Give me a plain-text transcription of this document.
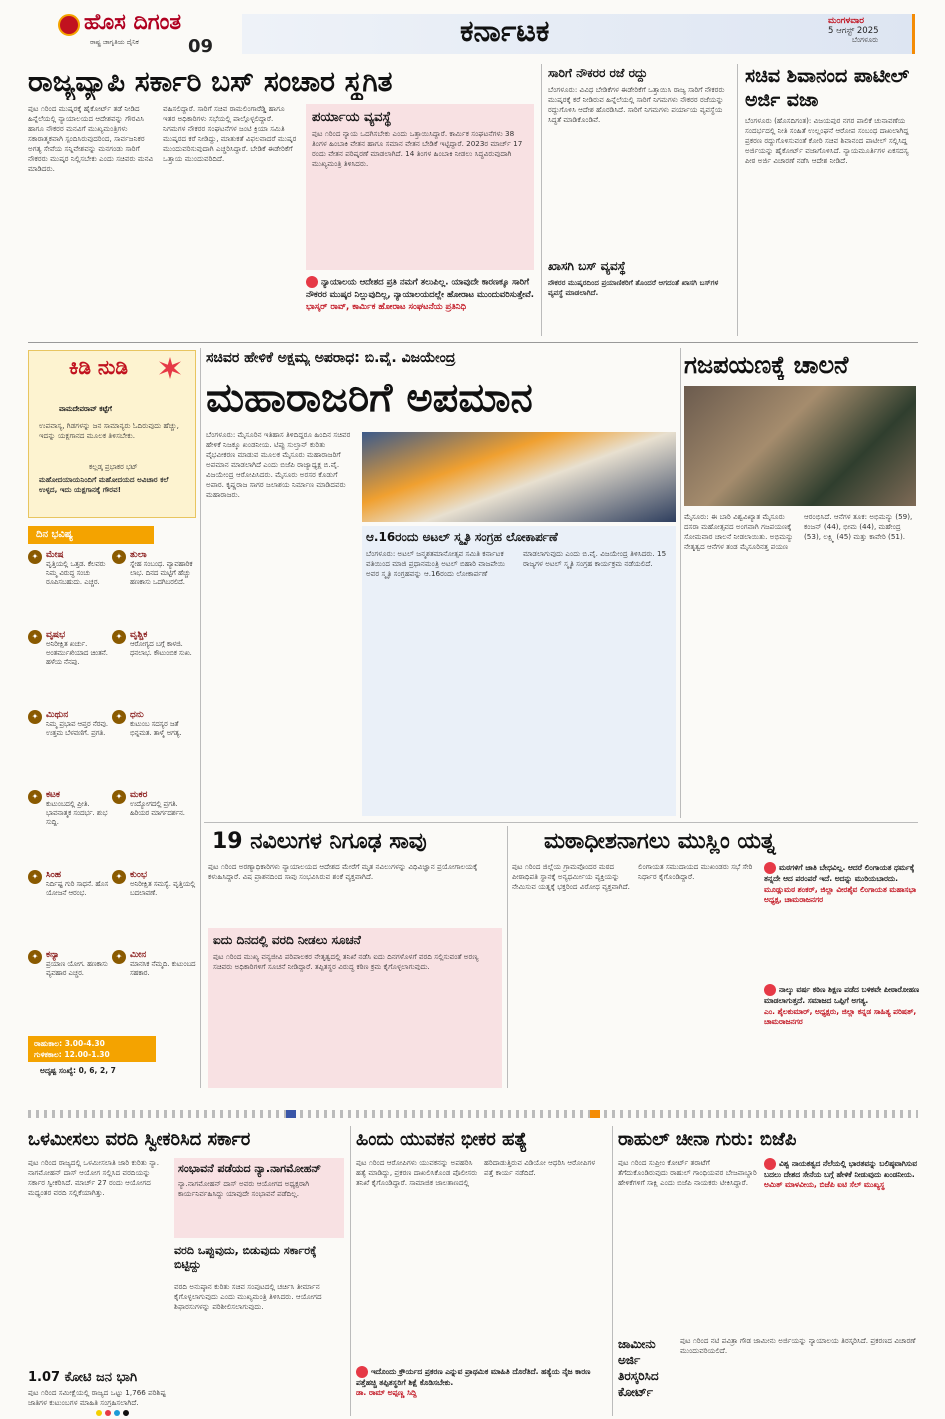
ಹೊಸ ದಿಗಂತ
ರಾಷ್ಟ್ರ ಜಾಗೃತಿಯ ದೈನಿಕ	09	ಕರ್ನಾಟಕ	ಮಂಗಳವಾರ
5 ಆಗಸ್ಟ್ 2025
ಬೆಂಗಳೂರು
ರಾಜ್ಯವ್ಯಾಪಿ ಸರ್ಕಾರಿ ಬಸ್ ಸಂಚಾರ ಸ್ಥಗಿತ
ಪುಟ ೧ರಿಂದ ಮುಷ್ಕರಕ್ಕೆ ಹೈಕೋರ್ಟ್ ತಡೆ ನೀಡಿದ ಹಿನ್ನೆಲೆಯಲ್ಲಿ ನ್ಯಾಯಾಲಯದ ಆದೇಶವನ್ನು ಗೌರವಿಸಿ ಹಾಗೂ ನೌಕರರ ಮನವಿಗೆ ಮುಖ್ಯಮಂತ್ರಿಗಳು ಸಕಾರಾತ್ಮಕವಾಗಿ ಸ್ಪಂದಿಸಿರುವುದರಿಂದ, ಸಾರ್ವಜನಿಕರ ಅಗತ್ಯ ಸೇವೆಯ ಸನ್ನಿವೇಶವನ್ನು ಮನಗಂಡು ಸಾರಿಗೆ ನೌಕರರು ಮುಷ್ಕರ ನಿಲ್ಲಿಸಬೇಕು ಎಂದು ಸಚಿವರು ಮನವಿ ಮಾಡಿದರು.
ವಹಿಸಲಿದ್ದಾರೆ. ಸಾರಿಗೆ ಸಚಿವ ರಾಮಲಿಂಗಾರೆಡ್ಡಿ ಹಾಗೂ ಇತರ ಅಧಿಕಾರಿಗಳು ಸಭೆಯಲ್ಲಿ ಪಾಲ್ಗೊಳ್ಳಲಿದ್ದಾರೆ. ನಿಗಮಗಳ ನೌಕರರ ಸಂಘಟನೆಗಳ ಜಂಟಿ ಕ್ರಿಯಾ ಸಮಿತಿ ಮುಷ್ಕರದ ಕರೆ ನೀಡಿದ್ದು, ಮಾತುಕತೆ ವಿಫಲವಾದರೆ ಮುಷ್ಕರ ಮುಂದುವರಿಸುವುದಾಗಿ ಎಚ್ಚರಿಸಿದ್ದಾರೆ. ಬೇಡಿಕೆ ಈಡೇರಿಕೆಗೆ ಒತ್ತಾಯ ಮುಂದುವರಿದಿದೆ.
ಪರ್ಯಾಯ ವ್ಯವಸ್ಥೆ
ಪುಟ ೧ರಿಂದ ನ್ಯಾಯ ಒದಗಿಸಬೇಕು ಎಂದು ಒತ್ತಾಯಿಸಿದ್ದಾರೆ. ಕಾರ್ಮಿಕ ಸಂಘಟನೆಗಳು 38 ತಿಂಗಳ ಹಿಂಬಾಕಿ ವೇತನ ಹಾಗೂ ಸಮಾನ ವೇತನ ಬೇಡಿಕೆ ಇಟ್ಟಿದ್ದಾರೆ. 2023ರ ಮಾರ್ಚ್ 17 ರಂದು ವೇತನ ಪರಿಷ್ಕರಣೆ ಮಾಡಲಾಗಿದೆ. 14 ತಿಂಗಳ ಹಿಂಬಾಕಿ ನೀಡಲು ಸಿದ್ಧವಿರುವುದಾಗಿ ಮುಖ್ಯಮಂತ್ರಿ ತಿಳಿಸಿದರು.
ನ್ಯಾಯಾಲಯ ಆದೇಶದ ಪ್ರತಿ ನಮಗೆ ತಲುಪಿಲ್ಲ. ಯಾವುದೇ ಕಾರಣಕ್ಕೂ ಸಾರಿಗೆ ನೌಕರರ ಮುಷ್ಕರ ನಿಲ್ಲುವುದಿಲ್ಲ, ನ್ಯಾಯಾಲಯದಲ್ಲೇ ಹೋರಾಟ ಮುಂದುವರಿಸುತ್ತೇವೆ.
ಭಾಸ್ಕರ್ ರಾವ್, ಕಾರ್ಮಿಕ ಹೋರಾಟ ಸಂಘಟನೆಯ ಪ್ರತಿನಿಧಿ
ಸಾರಿಗೆ ನೌಕರರ ರಜೆ ರದ್ದು
ಬೆಂಗಳೂರು: ವಿವಿಧ ಬೇಡಿಕೆಗಳ ಈಡೇರಿಕೆಗೆ ಒತ್ತಾಯಿಸಿ ರಾಜ್ಯ ಸಾರಿಗೆ ನೌಕರರು ಮುಷ್ಕರಕ್ಕೆ ಕರೆ ನೀಡಿರುವ ಹಿನ್ನೆಲೆಯಲ್ಲಿ ಸಾರಿಗೆ ನಿಗಮಗಳು ನೌಕರರ ರಜೆಯನ್ನು ರದ್ದುಗೊಳಿಸಿ ಆದೇಶ ಹೊರಡಿಸಿದೆ. ಸಾರಿಗೆ ನಿಗಮಗಳು ಪರ್ಯಾಯ ವ್ಯವಸ್ಥೆಯ ಸಿದ್ಧತೆ ಮಾಡಿಕೊಂಡಿವೆ.
ಖಾಸಗಿ ಬಸ್ ವ್ಯವಸ್ಥೆ
ನೌಕರರ ಮುಷ್ಕರದಿಂದ ಪ್ರಯಾಣಿಕರಿಗೆ ತೊಂದರೆ ಆಗದಂತೆ ಖಾಸಗಿ ಬಸ್‌ಗಳ ವ್ಯವಸ್ಥೆ ಮಾಡಲಾಗಿದೆ.
ಸಚಿವ ಶಿವಾನಂದ ಪಾಟೀಲ್ ಅರ್ಜಿ ವಜಾ
ಬೆಂಗಳೂರು (ಹೊಸದಿಗಂತ): ವಿಜಯಪುರ ನಗರ ಪಾಲಿಕೆ ಚುನಾವಣೆಯ ಸಂದರ್ಭದಲ್ಲಿ ನೀತಿ ಸಂಹಿತೆ ಉಲ್ಲಂಘನೆ ಆರೋಪ ಸಂಬಂಧ ದಾಖಲಾಗಿದ್ದ ಪ್ರಕರಣ ರದ್ದುಗೊಳಿಸುವಂತೆ ಕೋರಿ ಸಚಿವ ಶಿವಾನಂದ ಪಾಟೀಲ್ ಸಲ್ಲಿಸಿದ್ದ ಅರ್ಜಿಯನ್ನು ಹೈಕೋರ್ಟ್ ವಜಾಗೊಳಿಸಿದೆ. ನ್ಯಾಯಮೂರ್ತಿಗಳ ಏಕಸದಸ್ಯ ಪೀಠ ಅರ್ಜಿ ವಿಚಾರಣೆ ನಡೆಸಿ ಆದೇಶ ನೀಡಿದೆ.
ಕಿಡಿ ನುಡಿ
ವಾಮದೇವರಾವ್ ಕಟ್ಟೆಗೆ
ಉಪವಾಸ್ಯ, ಗಿಡಗಳನ್ನು ಜನ ಸಾಮಾನ್ಯರು ಓದಿರುವುದು ಹೆಚ್ಚು, ಇದನ್ನು ಯಕ್ಷಗಾನದ ಮೂಲಕ ತಿಳಿಸಬೇಕು.
ಕಲ್ಲಡ್ಕ ಪ್ರಭಾಕರ ಭಟ್
ಮಹೋದಯಾಯನಿಂದಿಗೆ ಮಹೋದಯದ ಅವಿಚಾರ ಕಲೆ ಉಳ್ಳದ, ಇದು ಯಕ್ಷಗಾನಕ್ಕೆ ಗೌರವ!
ದಿನ ಭವಿಷ್ಯ
✦ ಮೇಷ
ವೃತ್ತಿಯಲ್ಲಿ ಒತ್ತಡ. ಕೆಲವರು ನಿಮ್ಮ ವಿರುದ್ಧ ಸಂಚು ರೂಪಿಸಬಹುದು. ಎಚ್ಚರ.
✦ ತುಲಾ
ಸ್ನೇಹ ಸಂಬಂಧ. ವ್ಯಾವಹಾರಿಕ ಲಾಭ. ದಿನದ ಮಟ್ಟಿಗೆ ಹೆಚ್ಚು ಹಣಕಾಸು ಒದಗಿಬರಲಿದೆ.
✦ ವೃಷಭ
ಅನಿರೀಕ್ಷಿತ ಖರ್ಚು. ಅಂತರ್ಮುಖಿಯಾದ ಚಿಂತನೆ. ಹಳೆಯ ನೆನಪು.
✦ ವೃಶ್ಚಿಕ
ಆರೋಗ್ಯದ ಬಗ್ಗೆ ಕಾಳಜಿ. ಧನಲಾಭ. ಕೌಟುಂಬಿಕ ಸುಖ.
✦ ಮಿಥುನ
ನಿಮ್ಮ ಪ್ರಭಾವ ಆಪ್ತರ ನೆರವು. ಉತ್ತಮ ಬೆಳವಣಿಗೆ. ಪ್ರಗತಿ.
✦ ಧನು
ಕುಟುಂಬ ಸದಸ್ಯರ ಜತೆ ಭಿನ್ನಮತ. ತಾಳ್ಮೆ ಅಗತ್ಯ.
✦ ಕಟಕ
ಕುಟುಂಬದಲ್ಲಿ ಪ್ರೀತಿ. ಭಾವನಾತ್ಮಕ ಸಂದರ್ಭ. ಶುಭ ಸುದ್ದಿ.
✦ ಮಕರ
ಉದ್ಯೋಗದಲ್ಲಿ ಪ್ರಗತಿ. ಹಿರಿಯರ ಮಾರ್ಗದರ್ಶನ.
✦ ಸಿಂಹ
ನಿರ್ದಿಷ್ಟ ಗುರಿ ಸಾಧನೆ. ಹೊಸ ಯೋಜನೆ ಆರಂಭ.
✦ ಕುಂಭ
ಅನಿರೀಕ್ಷಿತ ಸಮಸ್ಯೆ. ವೃತ್ತಿಯಲ್ಲಿ ಬದಲಾವಣೆ.
✦ ಕನ್ಯಾ
ಪ್ರಯಾಣ ಯೋಗ. ಹಣಕಾಸು ವ್ಯವಹಾರ ಎಚ್ಚರ.
✦ ಮೀನ
ಮಾನಸಿಕ ನೆಮ್ಮದಿ. ಕುಟುಂಬದ ಸಹಕಾರ.
ರಾಹುಕಾಲ: 3.00-4.30
ಗುಳಿಕಕಾಲ: 12.00-1.30
ಅದೃಷ್ಟ ಸಂಖ್ಯೆ: 0, 6, 2, 7
ಸಚಿವರ ಹೇಳಿಕೆ ಅಕ್ಷಮ್ಯ ಅಪರಾಧ: ಬಿ.ವೈ. ವಿಜಯೇಂದ್ರ
ಮಹಾರಾಜರಿಗೆ ಅಪಮಾನ
ಬೆಂಗಳೂರು: ಮೈಸೂರಿನ ಇತಿಹಾಸ ತಿಳಿದಿದ್ದರೂ ಹಿಂದಿನ ಸಚಿವರ ಹೇಳಿಕೆ ನಿಜಕ್ಕೂ ಖಂಡನೀಯ. ಟಿಪ್ಪು ಸುಲ್ತಾನ್ ಕುರಿತು ವೈಭವೀಕರಣ ಮಾಡುವ ಮೂಲಕ ಮೈಸೂರು ಮಹಾರಾಜರಿಗೆ ಅಪಮಾನ ಮಾಡಲಾಗಿದೆ ಎಂದು ಬಿಜೆಪಿ ರಾಜ್ಯಾಧ್ಯಕ್ಷ ಬಿ.ವೈ. ವಿಜಯೇಂದ್ರ ಆರೋಪಿಸಿದರು. ಮೈಸೂರು ಅರಸರ ಕೊಡುಗೆ ಅಪಾರ. ಕೃಷ್ಣರಾಜ ಸಾಗರ ಜಲಾಶಯ ನಿರ್ಮಾಣ ಮಾಡಿದವರು ಮಹಾರಾಜರು.
ಆ.16ರಂದು ಅಟಲ್ ಸ್ಮೃತಿ ಸಂಗ್ರಹ ಲೋಕಾರ್ಪಣೆ
ಬೆಂಗಳೂರು: ಅಟಲ್ ಜನ್ಮಶತಮಾನೋತ್ಸವ ಸಮಿತಿ ಕರ್ನಾಟಕ ವತಿಯಿಂದ ಮಾಜಿ ಪ್ರಧಾನಮಂತ್ರಿ ಅಟಲ್ ಬಿಹಾರಿ ವಾಜಪೇಯಿ ಅವರ ಸ್ಮೃತಿ ಸಂಗ್ರಹವನ್ನು ಆ.16ರಂದು ಲೋಕಾರ್ಪಣೆ ಮಾಡಲಾಗುವುದು ಎಂದು ಬಿ.ವೈ. ವಿಜಯೇಂದ್ರ ತಿಳಿಸಿದರು. 15 ರಾಜ್ಯಗಳ ಅಟಲ್ ಸ್ಮೃತಿ ಸಂಗ್ರಹ ಕಾರ್ಯಕ್ರಮ ನಡೆಯಲಿದೆ.
ಗಜಪಯಣಕ್ಕೆ ಚಾಲನೆ
ಮೈಸೂರು: ಈ ಬಾರಿ ವಿಶ್ವವಿಖ್ಯಾತ ಮೈಸೂರು ದಸರಾ ಮಹೋತ್ಸವದ ಅಂಗವಾಗಿ ಗಜಪಯಣಕ್ಕೆ ಸೋಮವಾರ ಚಾಲನೆ ನೀಡಲಾಯಿತು. ಅಭಿಮನ್ಯು ನೇತೃತ್ವದ ಆನೆಗಳ ತಂಡ ಮೈಸೂರಿನತ್ತ ಪಯಣ ಆರಂಭಿಸಿದೆ. ಆನೆಗಳ ತೂಕ: ಅಭಿಮನ್ಯು (59), ಕಂಜನ್ (44), ಭೀಮ (44), ಮಹೇಂದ್ರ (53), ಲಕ್ಷ್ಮಿ (45) ಮತ್ತು ಕಾವೇರಿ (51).
19 ನವಿಲುಗಳ ನಿಗೂಢ ಸಾವು
ಪುಟ ೧ರಿಂದ ಅರಣ್ಯಾಧಿಕಾರಿಗಳು ನ್ಯಾಯಾಲಯದ ಆದೇಶದ ಮೇರೆಗೆ ಮೃತ ನವಿಲುಗಳನ್ನು ವಿಧಿವಿಜ್ಞಾನ ಪ್ರಯೋಗಾಲಯಕ್ಕೆ ಕಳುಹಿಸಿದ್ದಾರೆ. ವಿಷ ಪ್ರಾಶನದಿಂದ ಸಾವು ಸಂಭವಿಸಿರುವ ಶಂಕೆ ವ್ಯಕ್ತವಾಗಿದೆ.
ಐದು ದಿನದಲ್ಲಿ ವರದಿ ನೀಡಲು ಸೂಚನೆ
ಪುಟ ೧ರಿಂದ ಮುಖ್ಯ ವನ್ಯಜೀವಿ ಪರಿಪಾಲಕರ ನೇತೃತ್ವದಲ್ಲಿ ತನಿಖೆ ನಡೆಸಿ ಐದು ದಿನಗಳೊಳಗೆ ವರದಿ ಸಲ್ಲಿಸುವಂತೆ ಅರಣ್ಯ ಸಚಿವರು ಅಧಿಕಾರಿಗಳಿಗೆ ಸೂಚನೆ ನೀಡಿದ್ದಾರೆ. ತಪ್ಪಿತಸ್ಥರ ವಿರುದ್ಧ ಕಠಿಣ ಕ್ರಮ ಕೈಗೊಳ್ಳಲಾಗುವುದು.
ಮಠಾಧೀಶನಾಗಲು ಮುಸ್ಲಿಂ ಯತ್ನ
ಪುಟ ೧ರಿಂದ ಜಿಲ್ಲೆಯ ಗ್ರಾಮವೊಂದರ ಮಠದ ಪೀಠಾಧಿಪತಿ ಸ್ಥಾನಕ್ಕೆ ಅನ್ಯಧರ್ಮೀಯ ವ್ಯಕ್ತಿಯನ್ನು ನೇಮಿಸುವ ಯತ್ನಕ್ಕೆ ಭಕ್ತರಿಂದ ವಿರೋಧ ವ್ಯಕ್ತವಾಗಿದೆ. ಲಿಂಗಾಯತ ಸಮುದಾಯದ ಮುಖಂಡರು ಸಭೆ ಸೇರಿ ನಿರ್ಧಾರ ಕೈಗೊಂಡಿದ್ದಾರೆ.
ಮಠಗಳಿಗೆ ಜಾತಿ ಬೇಧವಿಲ್ಲ. ಆದರೆ ಲಿಂಗಾಯತ ಧರ್ಮಕ್ಕೆ ತನ್ನದೇ ಆದ ಪರಂಪರೆ ಇದೆ. ಅದನ್ನು ಮುರಿಯಬಾರದು.
ಮೂಡ್ಲುಮಠ ಶಂಕರ್, ಜಿಲ್ಲಾ ವೀರಶೈವ ಲಿಂಗಾಯತ ಮಹಾಸಭಾ ಅಧ್ಯಕ್ಷ, ಚಾಮರಾಜನಗರ
ನಾಲ್ಕು ವರ್ಷ ಕಠಿಣ ಶಿಕ್ಷಣ ಪಡೆದ ಬಳಿಕವೇ ಪೀಠಾರೋಹಣ ಮಾಡಲಾಗುತ್ತದೆ. ಸಮಾಜದ ಒಪ್ಪಿಗೆ ಅಗತ್ಯ.
ಎಂ. ಶೈಲಕುಮಾರ್, ಅಧ್ಯಕ್ಷರು, ಜಿಲ್ಲಾ ಕನ್ನಡ ಸಾಹಿತ್ಯ ಪರಿಷತ್, ಚಾಮರಾಜನಗರ
ಒಳಮೀಸಲು ವರದಿ ಸ್ವೀಕರಿಸಿದ ಸರ್ಕಾರ
ಪುಟ ೧ರಿಂದ ರಾಜ್ಯದಲ್ಲಿ ಒಳಮೀಸಲಾತಿ ಜಾರಿ ಕುರಿತು ನ್ಯಾ. ನಾಗಮೋಹನ್ ದಾಸ್ ಆಯೋಗ ಸಲ್ಲಿಸಿದ ವರದಿಯನ್ನು ಸರ್ಕಾರ ಸ್ವೀಕರಿಸಿದೆ. ಮಾರ್ಚ್ 27 ರಂದು ಆಯೋಗದ ಮಧ್ಯಂತರ ವರದಿ ಸಲ್ಲಿಕೆಯಾಗಿತ್ತು.
1.07 ಕೋಟಿ ಜನ ಭಾಗಿ
ಪುಟ ೧ರಿಂದ ಸಮೀಕ್ಷೆಯಲ್ಲಿ ರಾಜ್ಯದ ಒಟ್ಟು 1,766 ಪರಿಶಿಷ್ಟ ಜಾತಿಗಳ ಕುಟುಂಬಗಳ ಮಾಹಿತಿ ಸಂಗ್ರಹಿಸಲಾಗಿದೆ.
ಸಂಭಾವನೆ ಪಡೆಯದ ನ್ಯಾ.ನಾಗಮೋಹನ್
ನ್ಯಾ.ನಾಗಮೋಹನ್ ದಾಸ್ ಅವರು ಆಯೋಗದ ಅಧ್ಯಕ್ಷರಾಗಿ ಕಾರ್ಯನಿರ್ವಹಿಸಿದ್ದು ಯಾವುದೇ ಸಂಭಾವನೆ ಪಡೆದಿಲ್ಲ.
ವರದಿ ಒಪ್ಪುವುದು, ಬಿಡುವುದು ಸರ್ಕಾರಕ್ಕೆ ಬಿಟ್ಟಿದ್ದು
ವರದಿ ಅನುಷ್ಠಾನ ಕುರಿತು ಸಚಿವ ಸಂಪುಟದಲ್ಲಿ ಚರ್ಚಿಸಿ ತೀರ್ಮಾನ ಕೈಗೊಳ್ಳಲಾಗುವುದು ಎಂದು ಮುಖ್ಯಮಂತ್ರಿ ತಿಳಿಸಿದರು. ಆಯೋಗದ ಶಿಫಾರಸುಗಳನ್ನು ಪರಿಶೀಲಿಸಲಾಗುವುದು.
ಹಿಂದು ಯುವಕನ ಭೀಕರ ಹತ್ಯೆ
ಪುಟ ೧ರಿಂದ ಆರೋಪಿಗಳು ಯುವಕನನ್ನು ಅಪಹರಿಸಿ ಹತ್ಯೆ ಮಾಡಿದ್ದು, ಪ್ರಕರಣ ದಾಖಲಿಸಿಕೊಂಡ ಪೊಲೀಸರು ತನಿಖೆ ಕೈಗೊಂಡಿದ್ದಾರೆ. ಸಾಮಾಜಿಕ ಜಾಲತಾಣದಲ್ಲಿ ಹರಿದಾಡುತ್ತಿರುವ ವಿಡಿಯೋ ಆಧರಿಸಿ ಆರೋಪಿಗಳ ಪತ್ತೆ ಕಾರ್ಯ ನಡೆದಿದೆ.
ಇದೊಂದು ಕ್ರೌರ್ಯದ ಪ್ರಕರಣ ಎನ್ನುವ ಪ್ರಾಥಮಿಕ ಮಾಹಿತಿ ದೊರೆತಿದೆ. ಹತ್ಯೆಯ ನೈಜ ಕಾರಣ ಪತ್ತೆಹಚ್ಚಿ ತಪ್ಪಿತಸ್ಥರಿಗೆ ಶಿಕ್ಷೆ ಕೊಡಿಸಬೇಕು.
ಡಾ. ರಾಮ್ ಅಪ್ಪಣ್ಣ ಸಿದ್ದಿ
ರಾಹುಲ್ ಚೀನಾ ಗುರು: ಬಿಜೆಪಿ
ವಿಶ್ವ ನಾಯಕತ್ವದ ನೆಲೆಯಲ್ಲಿ ಭಾರತವನ್ನು ಬಲಿಷ್ಠವಾಗಿಸುವ ಬದಲು ದೇಶದ ಸೇನೆಯ ಬಗ್ಗೆ ಹೇಳಿಕೆ ನೀಡುವುದು ಖಂಡನೀಯ.
ಅಮಿತ್ ಮಾಳವೀಯ, ಬಿಜೆಪಿ ಐಟಿ ಸೆಲ್ ಮುಖ್ಯಸ್ಥ
ಪುಟ ೧ರಿಂದ ಸುಪ್ರೀಂ ಕೋರ್ಟ್ ತರಾಟೆಗೆ ತೆಗೆದುಕೊಂಡಿರುವುದು ರಾಹುಲ್ ಗಾಂಧಿಯವರ ಬೇಜವಾಬ್ದಾರಿ ಹೇಳಿಕೆಗಳಿಗೆ ಸಾಕ್ಷಿ ಎಂದು ಬಿಜೆಪಿ ನಾಯಕರು ಟೀಕಿಸಿದ್ದಾರೆ.
ಜಾಮೀನು ಅರ್ಜಿ ತಿರಸ್ಕರಿಸಿದ ಕೋರ್ಟ್
ಪುಟ ೧ರಿಂದ ನಟಿ ಪವಿತ್ರಾ ಗೌಡ ಜಾಮೀನು ಅರ್ಜಿಯನ್ನು ನ್ಯಾಯಾಲಯ ತಿರಸ್ಕರಿಸಿದೆ. ಪ್ರಕರಣದ ವಿಚಾರಣೆ ಮುಂದುವರಿಯಲಿದೆ.
